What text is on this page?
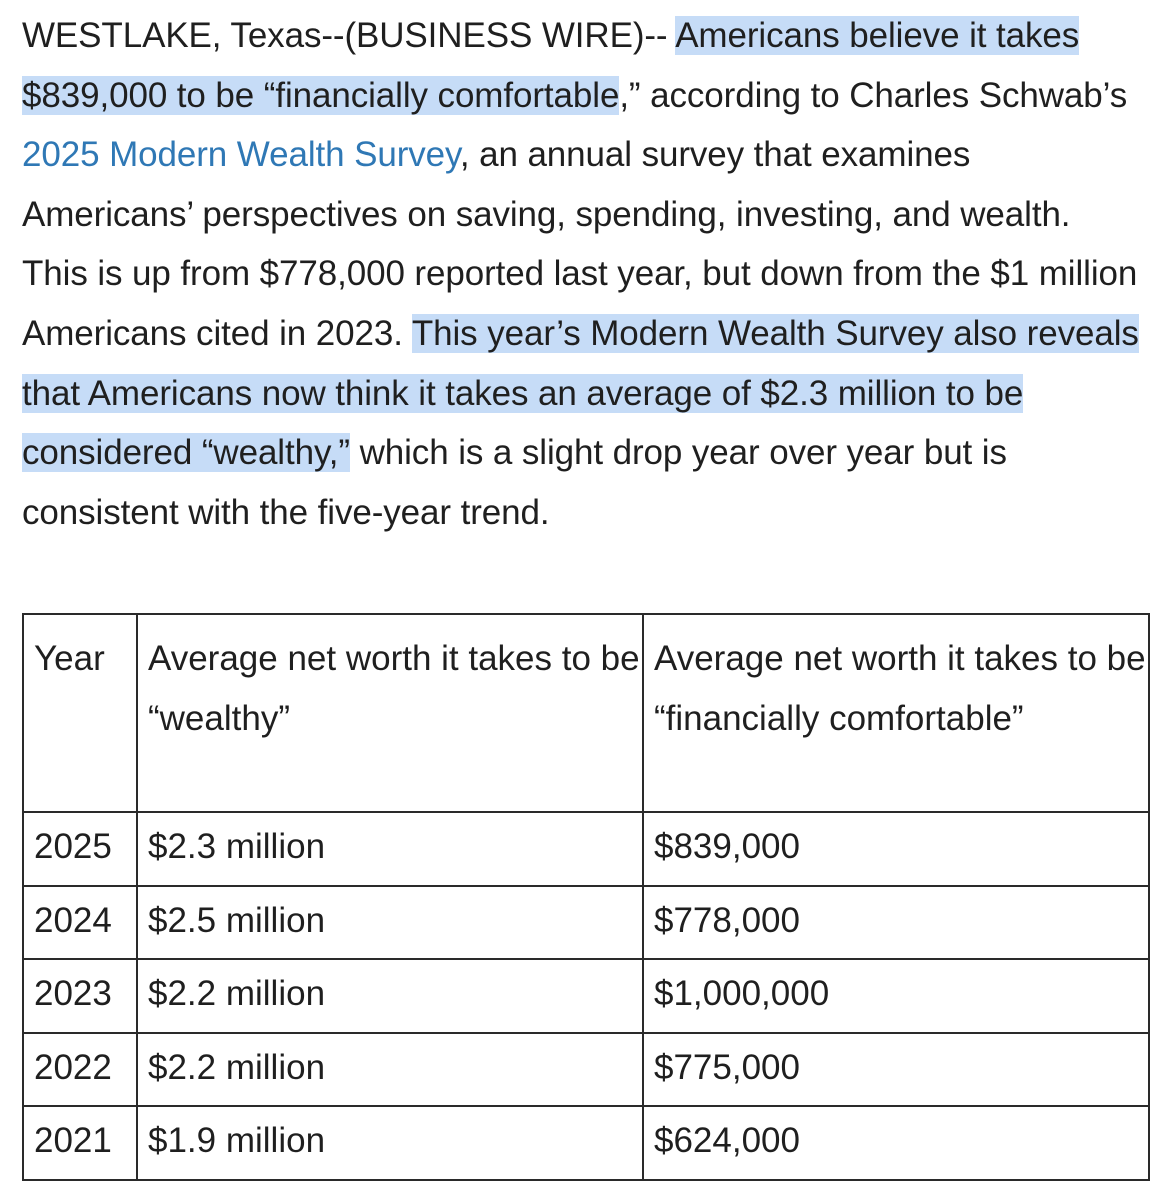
WESTLAKE, Texas--(BUSINESS WIRE)-- Americans believe it takes $839,000 to be “financially comfortable,” according to Charles Schwab’s 2025 Modern Wealth Survey, an annual survey that examines Americans’ perspectives on saving, spending, investing, and wealth. This is up from $778,000 reported last year, but down from the $1 million Americans cited in 2023. This year’s Modern Wealth Survey also reveals that Americans now think it takes an average of $2.3 million to be considered “wealthy,” which is a slight drop year over year but is consistent with the five-year trend.

Year	Average net worth it takes to be “wealthy”	Average net worth it takes to be “financially comfortable”
2025	$2.3 million	$839,000
2024	$2.5 million	$778,000
2023	$2.2 million	$1,000,000
2022	$2.2 million	$775,000
2021	$1.9 million	$624,000
